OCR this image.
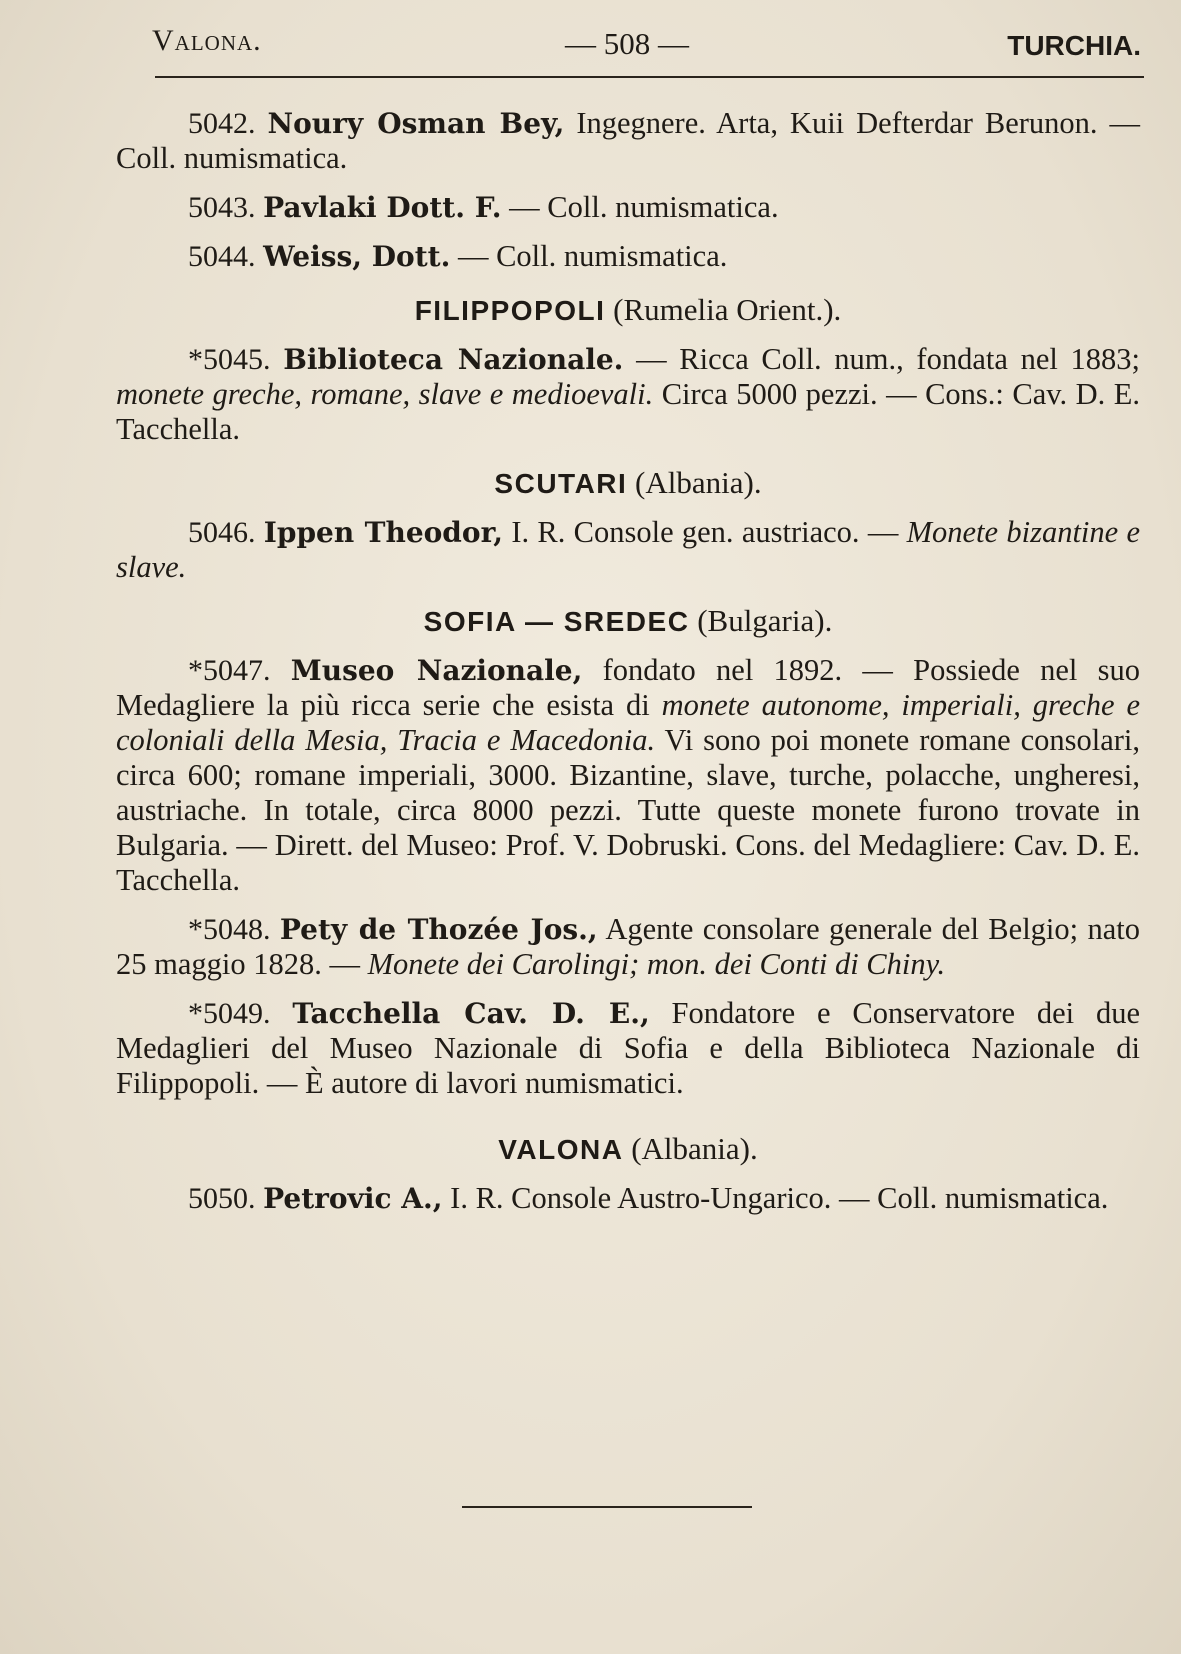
Valona.	— 508 —	TURCHIA.

5042. Noury Osman Bey, Ingegnere. Arta, Kuii Defterdar Berunon. — Coll. numismatica.

5043. Pavlaki Dott. F. — Coll. numismatica.

5044. Weiss, Dott. — Coll. numismatica.

FILIPPOPOLI (Rumelia Orient.).

*5045. Biblioteca Nazionale. — Ricca Coll. num., fondata nel 1883; monete greche, romane, slave e medioevali. Circa 5000 pezzi. — Cons.: Cav. D. E. Tacchella.

SCUTARI (Albania).

5046. Ippen Theodor, I. R. Console gen. austriaco. — Monete bizantine e slave.

SOFIA — SREDEC (Bulgaria).

*5047. Museo Nazionale, fondato nel 1892. — Possiede nel suo Medagliere la più ricca serie che esista di monete autonome, imperiali, greche e coloniali della Mesia, Tracia e Macedonia. Vi sono poi monete romane consolari, circa 600; romane imperiali, 3000. Bizantine, slave, turche, polacche, ungheresi, austriache. In totale, circa 8000 pezzi. Tutte queste monete furono trovate in Bulgaria. — Dirett. del Museo: Prof. V. Dobruski. Cons. del Medagliere: Cav. D. E. Tacchella.

*5048. Pety de Thozée Jos., Agente consolare generale del Belgio; nato 25 maggio 1828. — Monete dei Carolingi; mon. dei Conti di Chiny.

*5049. Tacchella Cav. D. E., Fondatore e Conservatore dei due Medaglieri del Museo Nazionale di Sofia e della Biblioteca Nazionale di Filippopoli. — È autore di lavori numismatici.

VALONA (Albania).

5050. Petrovic A., I. R. Console Austro-Ungarico. — Coll. numismatica.
